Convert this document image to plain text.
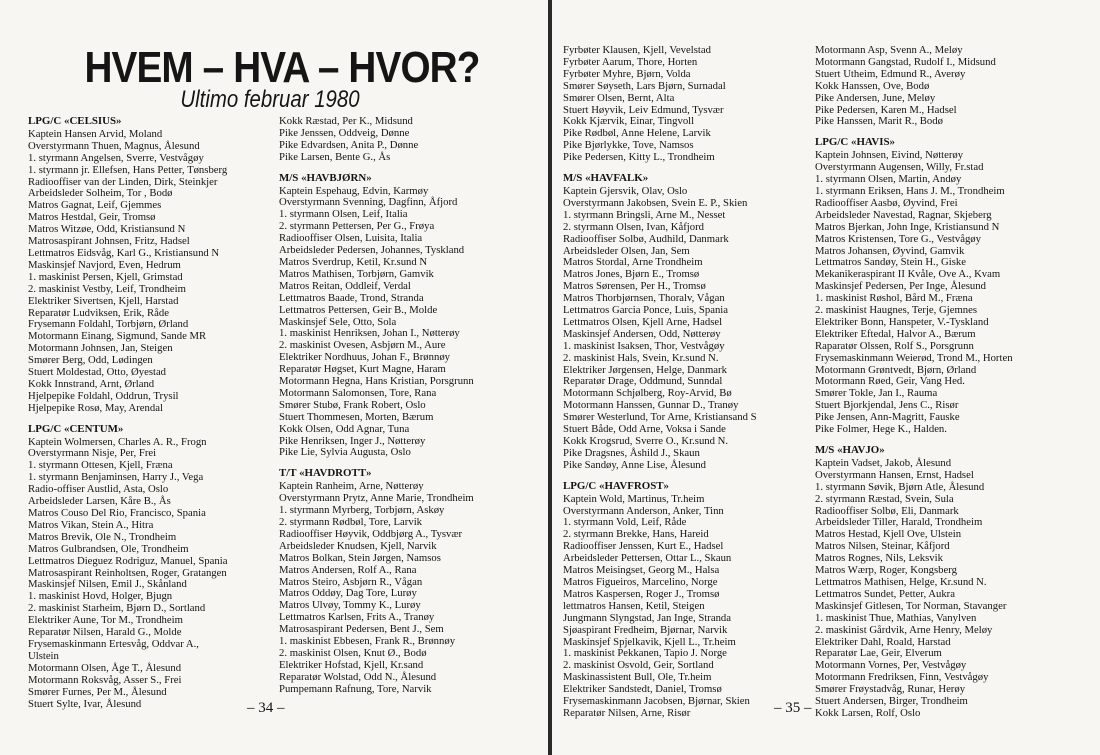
HVEM – HVA – HVOR?
Ultimo februar 1980
LPG/C «CELSIUS»
Kaptein Hansen Arvid, Moland
Overstyrmann Thuen, Magnus, Ålesund
1. styrmann Angelsen, Sverre, Vestvågøy
1. styrmann jr. Ellefsen, Hans Petter, Tønsberg
Radiooffiser van der Linden, Dirk, Steinkjer
Arbeidsleder Solheim, Tor , Bodø
Matros Gagnat, Leif, Gjemmes
Matros Hestdal, Geir, Tromsø
Matros Witzøe, Odd, Kristiansund N
Matrosaspirant Johnsen, Fritz, Hadsel
Lettmatros Eidsvåg, Karl G., Kristiansund N
Maskinsjef Navjord, Even, Hedrum
1. maskinist Persen, Kjell, Grimstad
2. maskinist Vestby, Leif, Trondheim
Elektriker Sivertsen, Kjell, Harstad
Reparatør Ludviksen, Erik, Råde
Frysemann Foldahl, Torbjørn, Ørland
Motormann Einang, Sigmund, Sande MR
Motormann Johnsen, Jan, Steigen
Smører Berg, Odd, Lødingen
Stuert Moldestad, Otto, Øyestad
Kokk Innstrand, Arnt, Ørland
Hjelpepike Foldahl, Oddrun, Trysil
Hjelpepike Rosø, May, Arendal
LPG/C «CENTUM»
Kaptein Wolmersen, Charles A. R., Frogn
Overstyrmann Nisje, Per, Frei
1. styrmann Ottesen, Kjell, Fræna
1. styrmann Benjaminsen, Harry J., Vega
Radio-offiser Austlid, Asta, Oslo
Arbeidsleder Larsen, Kåre B., Ås
Matros Couso Del Rio, Francisco, Spania
Matros Vikan, Stein A., Hitra
Matros Brevik, Ole N., Trondheim
Matros Gulbrandsen, Ole, Trondheim
Lettmatros Dieguez Rodriguz, Manuel, Spania
Matrosaspirant Reinholtsen, Roger, Gratangen
Maskinsjef Nilsen, Emil J., Skånland
1. maskinist Hovd, Holger, Bjugn
2. maskinist Starheim, Bjørn D., Sortland
Elektriker Aune, Tor M., Trondheim
Reparatør Nilsen, Harald G., Molde
Frysemaskinmann Ertesvåg, Oddvar A.,
Ulstein
Motormann Olsen, Åge T., Ålesund
Motormann Roksvåg, Asser S., Frei
Smører Furnes, Per M., Ålesund
Stuert Sylte, Ivar, Ålesund
Kokk Ræstad, Per K., Midsund
Pike Jenssen, Oddveig, Dønne
Pike Edvardsen, Anita P., Dønne
Pike Larsen, Bente G., Ås
M/S «HAVBJØRN»
Kaptein Espehaug, Edvin, Karmøy
Overstyrmann Svenning, Dagfinn, Åfjord
1. styrmann Olsen, Leif, Italia
2. styrmann Pettersen, Per G., Frøya
Radiooffiser Olsen, Luisita, Italia
Arbeidsleder Pedersen, Johannes, Tyskland
Matros Sverdrup, Ketil, Kr.sund N
Matros Mathisen, Torbjørn, Gamvik
Matros Reitan, Oddleif, Verdal
Lettmatros Baade, Trond, Stranda
Lettmatros Pettersen, Geir B., Molde
Maskinsjef Sele, Otto, Sola
1. maskinist Henriksen, Johan I., Nøtterøy
2. maskinist Ovesen, Asbjørn M., Aure
Elektriker Nordhuus, Johan F., Brønnøy
Reparatør Høgset, Kurt Magne, Haram
Motormann Hegna, Hans Kristian, Porsgrunn
Motormann Salomonsen, Tore, Rana
Smører Stubø, Frank Robert, Oslo
Stuert Thommesen, Morten, Bærum
Kokk Olsen, Odd Agnar, Tuna
Pike Henriksen, Inger J., Nøtterøy
Pike Lie, Sylvia Augusta, Oslo
T/T «HAVDROTT»
Kaptein Ranheim, Arne, Nøtterøy
Overstyrmann Prytz, Anne Marie, Trondheim
1. styrmann Myrberg, Torbjørn, Askøy
2. styrmann Rødbøl, Tore, Larvik
Radiooffiser Høyvik, Oddbjørg A., Tysvær
Arbeidsleder Knudsen, Kjell, Narvik
Matros Bolkan, Stein Jørgen, Namsos
Matros Andersen, Rolf A., Rana
Matros Steiro, Asbjørn R., Vågan
Matros Oddøy, Dag Tore, Lurøy
Matros Ulvøy, Tommy K., Lurøy
Lettmatros Karlsen, Frits A., Tranøy
Matrosaspirant Pedersen, Bent J., Sem
1. maskinist Ebbesen, Frank R., Brønnøy
2. maskinist Olsen, Knut Ø., Bodø
Elektriker Hofstad, Kjell, Kr.sand
Reparatør Wolstad, Odd N., Ålesund
Pumpemann Rafnung, Tore, Narvik
– 34 –
Fyrbøter Klausen, Kjell, Vevelstad
Fyrbøter Aarum, Thore, Horten
Fyrbøter Myhre, Bjørn, Volda
Smører Søyseth, Lars Bjørn, Surnadal
Smører Olsen, Bernt, Alta
Stuert Høyvik, Leiv Edmund, Tysvær
Kokk Kjærvik, Einar, Tingvoll
Pike Rødbøl, Anne Helene, Larvik
Pike Bjørlykke, Tove, Namsos
Pike Pedersen, Kitty L., Trondheim
M/S «HAVFALK»
Kaptein Gjersvik, Olav, Oslo
Overstyrmann Jakobsen, Svein E. P., Skien
1. styrmann Bringsli, Arne M., Nesset
2. styrmann Olsen, Ivan, Kåfjord
Radiooffiser Solbø, Audhild, Danmark
Arbeidsleder Olsen, Jan, Sem
Matros Stordal, Arne Trondheim
Matros Jones, Bjørn E., Tromsø
Matros Sørensen, Per H., Tromsø
Matros Thorbjørnsen, Thoralv, Vågan
Lettmatros Garcia Ponce, Luis, Spania
Lettmatros Olsen, Kjell Arne, Hadsel
Maskinsjef Andersen, Odd, Nøtterøy
1. maskinist Isaksen, Thor, Vestvågøy
2. maskinist Hals, Svein, Kr.sund N.
Elektriker Jørgensen, Helge, Danmark
Reparatør Drage, Oddmund, Sunndal
Motormann Schjølberg, Roy-Arvid, Bø
Motormann Hanssen, Gunnar D., Tranøy
Smører Westerlund, Tor Arne, Kristiansand S
Stuert Både, Odd Arne, Voksa i Sande
Kokk Krogsrud, Sverre O., Kr.sund N.
Pike Dragsnes, Åshild J., Skaun
Pike Sandøy, Anne Lise, Ålesund
LPG/C «HAVFROST»
Kaptein Wold, Martinus, Tr.heim
Overstyrmann Anderson, Anker, Tinn
1. styrmann Vold, Leif, Råde
2. styrmann Brekke, Hans, Hareid
Radiooffiser Jenssen, Kurt E., Hadsel
Arbeidsleder Pettersen, Ottar L., Skaun
Matros Meisingset, Georg M., Halsa
Matros Figueiros, Marcelino, Norge
Matros Kaspersen, Roger J., Tromsø
lettmatros Hansen, Ketil, Steigen
Jungmann Slyngstad, Jan Inge, Stranda
Sjøaspirant Fredheim, Bjørnar, Narvik
Maskinsjef Spjelkavik, Kjell L., Tr.heim
1. maskinist Pekkanen, Tapio J. Norge
2. maskinist Osvold, Geir, Sortland
Maskinassistent Bull, Ole, Tr.heim
Elektriker Sandstedt, Daniel, Tromsø
Frysemaskinmann Jacobsen, Bjørnar, Skien
Reparatør Nilsen, Arne, Risør
Motormann Asp, Svenn A., Meløy
Motormann Gangstad, Rudolf I., Midsund
Stuert Utheim, Edmund R., Averøy
Kokk Hanssen, Ove, Bodø
Pike Andersen, June, Meløy
Pike Pedersen, Karen M., Hadsel
Pike Hanssen, Marit R., Bodø
LPG/C «HAVIS»
Kaptein Johnsen, Eivind, Nøtterøy
Overstyrmann Augensen, Willy, Fr.stad
1. styrmann Olsen, Martin, Andøy
1. styrmann Eriksen, Hans J. M., Trondheim
Radiooffiser Aasbø, Øyvind, Frei
Arbeidsleder Navestad, Ragnar, Skjeberg
Matros Bjerkan, John Inge, Kristiansund N
Matros Kristensen, Tore G., Vestvågøy
Matros Johansen, Øyvind, Gamvik
Lettmatros Sandøy, Stein H., Giske
Mekanikeraspirant II Kvåle, Ove A., Kvam
Maskinsjef Pedersen, Per Inge, Ålesund
1. maskinist Røshol, Bård M., Fræna
2. maskinist Haugnes, Terje, Gjemnes
Elektriker Bonn, Hanspeter, V.-Tyskland
Elektriker Eftedal, Halvor A., Bærum
Raparatør Olssen, Rolf S., Porsgrunn
Frysemaskinmann Weierød, Trond M., Horten
Motormann Grøntvedt, Bjørn, Ørland
Motormann Røed, Geir, Vang Hed.
Smører Tokle, Jan I., Rauma
Stuert Bjorkjendal, Jens C., Risør
Pike Jensen, Ann-Magritt, Fauske
Pike Folmer, Hege K., Halden.
M/S «HAVJO»
Kaptein Vadset, Jakob, Ålesund
Overstyrmann Hansen, Ernst, Hadsel
1. styrmann Søvik, Bjørn Atle, Ålesund
2. styrmann Ræstad, Svein, Sula
Radiooffiser Solbø, Eli, Danmark
Arbeidsleder Tiller, Harald, Trondheim
Matros Hestad, Kjell Ove, Ulstein
Matros Nilsen, Steinar, Kåfjord
Matros Rognes, Nils, Leksvik
Matros Wærp, Roger, Kongsberg
Lettmatros Mathisen, Helge, Kr.sund N.
Lettmatros Sundet, Petter, Aukra
Maskinsjef Gitlesen, Tor Norman, Stavanger
1. maskinist Thue, Mathias, Vanylven
2. maskinist Gårdvik, Arne Henry, Meløy
Elektriker Dahl, Roald, Harstad
Reparatør Lae, Geir, Elverum
Motormann Vornes, Per, Vestvågøy
Motormann Fredriksen, Finn, Vestvågøy
Smører Frøystadvåg, Runar, Herøy
Stuert Andersen, Birger, Trondheim
Kokk Larsen, Rolf, Oslo
– 35 –
